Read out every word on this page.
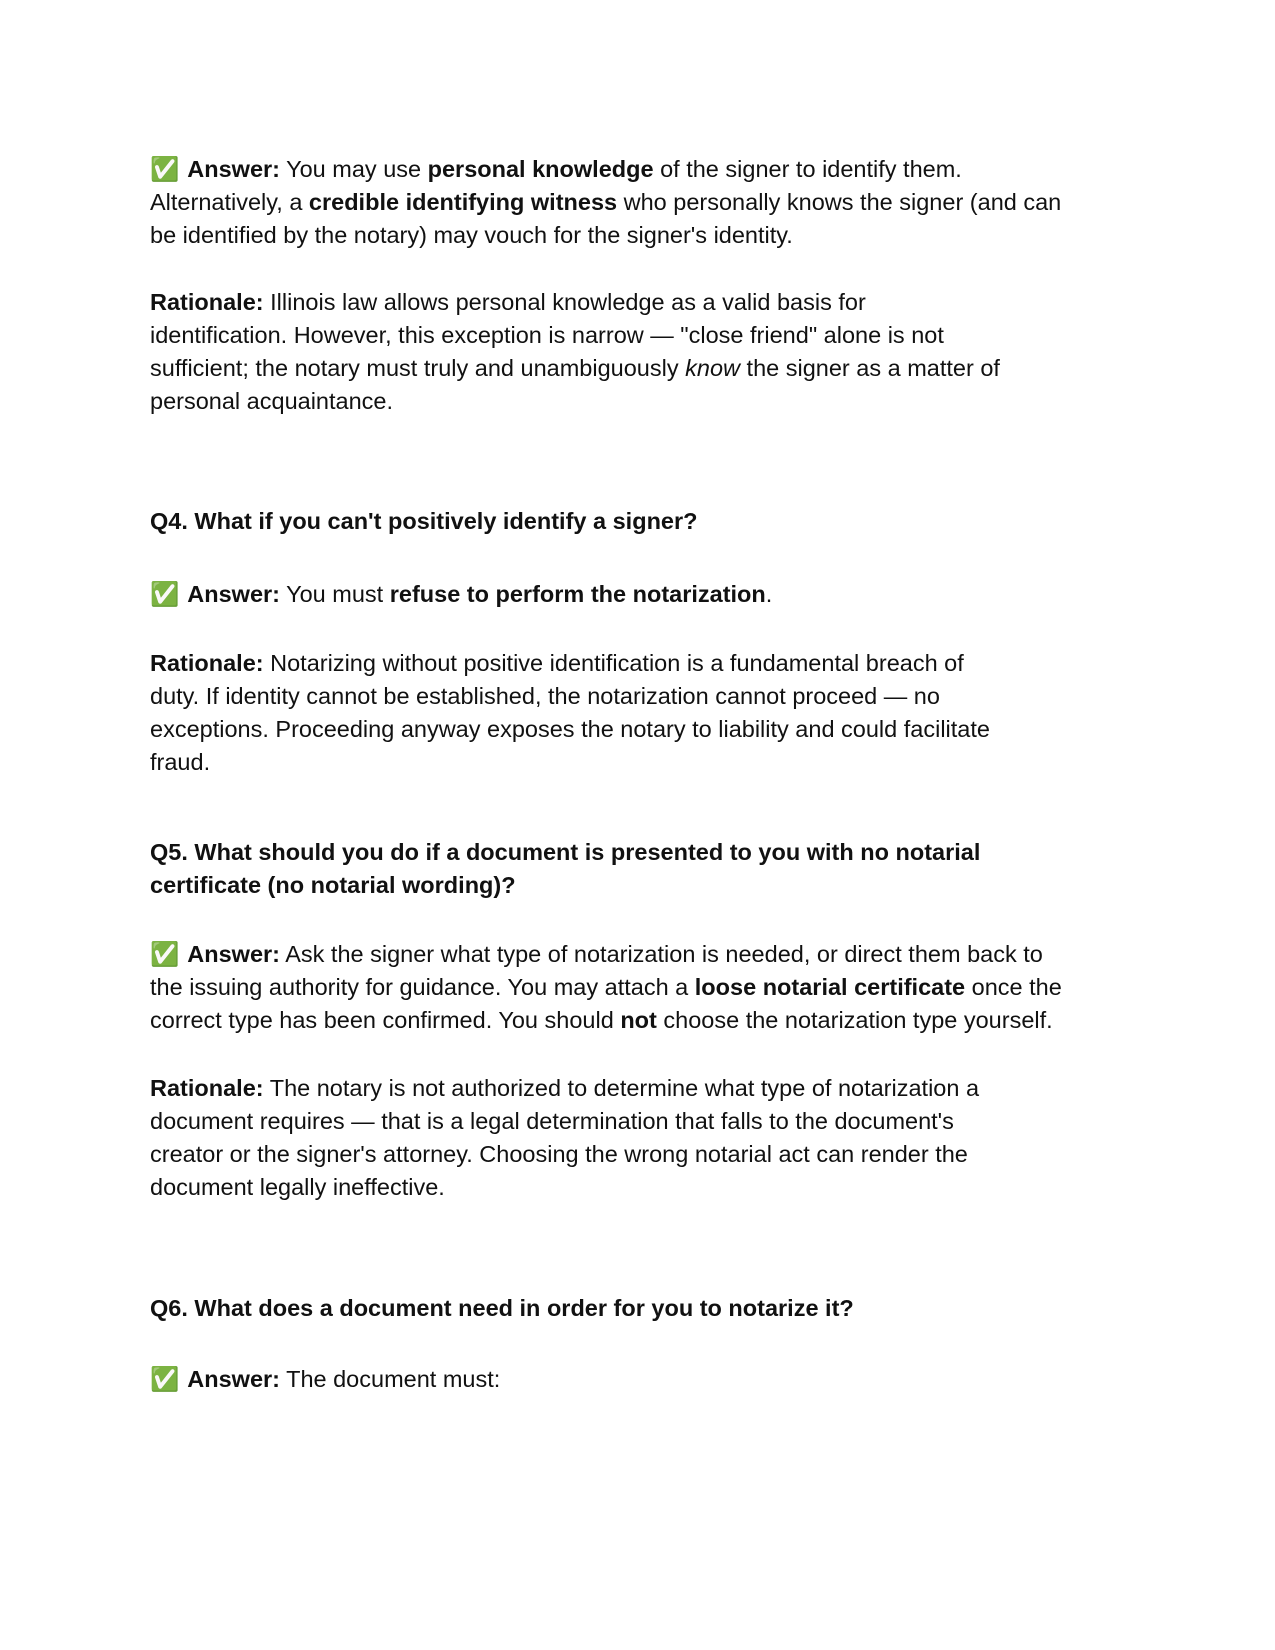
✅ Answer: You may use personal knowledge of the signer to identify them.
Alternatively, a credible identifying witness who personally knows the signer (and can
be identified by the notary) may vouch for the signer's identity.
Rationale: Illinois law allows personal knowledge as a valid basis for
identification. However, this exception is narrow — "close friend" alone is not
sufficient; the notary must truly and unambiguously know the signer as a matter of
personal acquaintance.
Q4. What if you can't positively identify a signer?
✅ Answer: You must refuse to perform the notarization.
Rationale: Notarizing without positive identification is a fundamental breach of
duty. If identity cannot be established, the notarization cannot proceed — no
exceptions. Proceeding anyway exposes the notary to liability and could facilitate
fraud.
Q5. What should you do if a document is presented to you with no notarial
certificate (no notarial wording)?
✅ Answer: Ask the signer what type of notarization is needed, or direct them back to
the issuing authority for guidance. You may attach a loose notarial certificate once the
correct type has been confirmed. You should not choose the notarization type yourself.
Rationale: The notary is not authorized to determine what type of notarization a
document requires — that is a legal determination that falls to the document's
creator or the signer's attorney. Choosing the wrong notarial act can render the
document legally ineffective.
Q6. What does a document need in order for you to notarize it?
✅ Answer: The document must:
